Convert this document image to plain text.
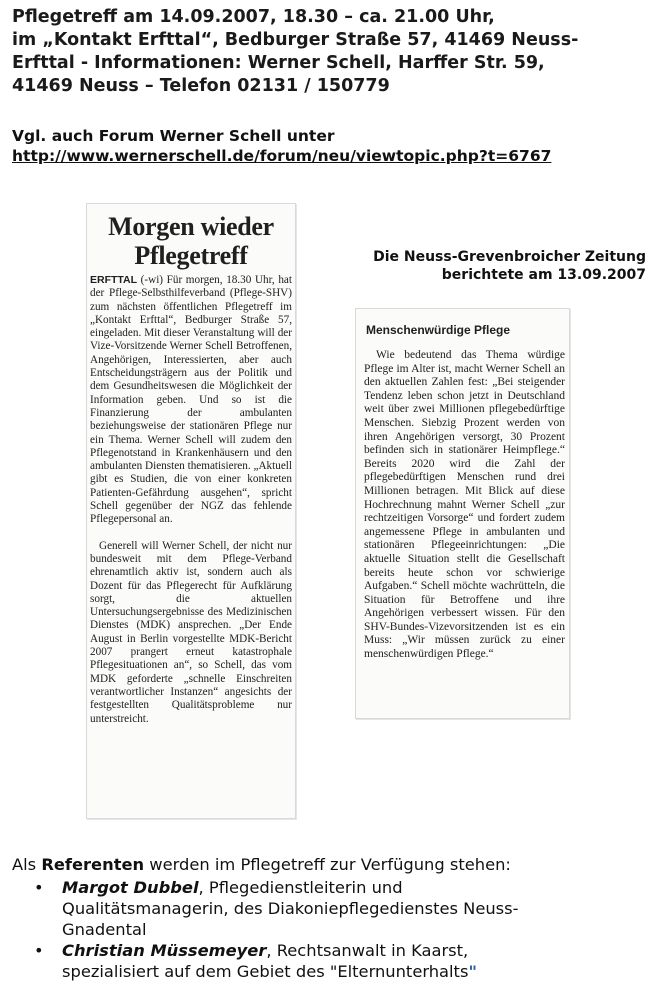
Pflegetreff am 14.09.2007, 18.30 – ca. 21.00 Uhr,

im „Kontakt Erfttal“, Bedburger Straße 57, 41469 Neuss-

Erfttal - Informationen: Werner Schell, Harffer Str. 59,

41469 Neuss – Telefon 02131 / 150779

Vgl. auch Forum Werner Schell unter

http://www.wernerschell.de/forum/neu/viewtopic.php?t=6767

Morgen wieder
Pflegetreff

ERFTTAL (-wi) Für morgen, 18.30 Uhr, hat der Pflege-Selbsthilfeverband (Pflege-SHV) zum nächsten öffentlichen Pflegetreff im „Kontakt Erfttal“, Bedburger Straße 57, eingeladen. Mit dieser Veranstaltung will der Vize-Vorsitzende Werner Schell Betroffenen, Angehörigen, Interessierten, aber auch Entscheidungsträgern aus der Politik und dem Gesundheitswesen die Möglichkeit der Information geben. Und so ist die Finanzierung der ambulanten beziehungsweise der stationären Pflege nur ein Thema. Werner Schell will zudem den Pflegenotstand in Krankenhäusern und den ambulanten Diensten thematisieren. „Aktuell gibt es Studien, die von einer konkreten Patienten-Gefährdung ausgehen“, spricht Schell gegenüber der NGZ das fehlende Pflegepersonal an.

Generell will Werner Schell, der nicht nur bundesweit mit dem Pflege-Verband ehrenamtlich aktiv ist, sondern auch als Dozent für das Pflegerecht für Aufklärung sorgt, die aktuellen Untersuchungsergebnisse des Medizinischen Dienstes (MDK) ansprechen. „Der Ende August in Berlin vorgestellte MDK-Bericht 2007 prangert erneut katastrophale Pflegesituationen an“, so Schell, das vom MDK geforderte „schnelle Einschreiten verantwortlicher Instanzen“ angesichts der festgestellten Qualitätsprobleme nur unterstreicht.

Die Neuss-Grevenbroicher Zeitung

berichtete am 13.09.2007

Menschenwürdige Pflege
Wie bedeutend das Thema würdige Pflege im Alter ist, macht Werner Schell an den aktuellen Zahlen fest: „Bei steigender Tendenz leben schon jetzt in Deutschland weit über zwei Millionen pflegebedürftige Menschen. Siebzig Prozent werden von ihren Angehörigen versorgt, 30 Prozent befinden sich in stationärer Heimpflege.“ Bereits 2020 wird die Zahl der pflegebedürftigen Menschen rund drei Millionen betragen. Mit Blick auf diese Hochrechnung mahnt Werner Schell „zur rechtzeitigen Vorsorge“ und fordert zudem angemessene Pflege in ambulanten und stationären Pflegeeinrichtungen: „Die aktuelle Situation stellt die Gesellschaft bereits heute schon vor schwierige Aufgaben.“ Schell möchte wachrütteln, die Situation für Betroffene und ihre Angehörigen verbessert wissen. Für den SHV-Bundes-Vizevorsitzenden ist es ein Muss: „Wir müssen zurück zu einer menschenwürdigen Pflege.“

Als Referenten werden im Pflegetreff zur Verfügung stehen:

• Margot Dubbel, Pflegedienstleiterin und
Qualitätsmanagerin, des Diakoniepflegedienstes Neuss-
Gnadental
• Christian Müssemeyer, Rechtsanwalt in Kaarst,
spezialisiert auf dem Gebiet des "Elternunterhalts"
